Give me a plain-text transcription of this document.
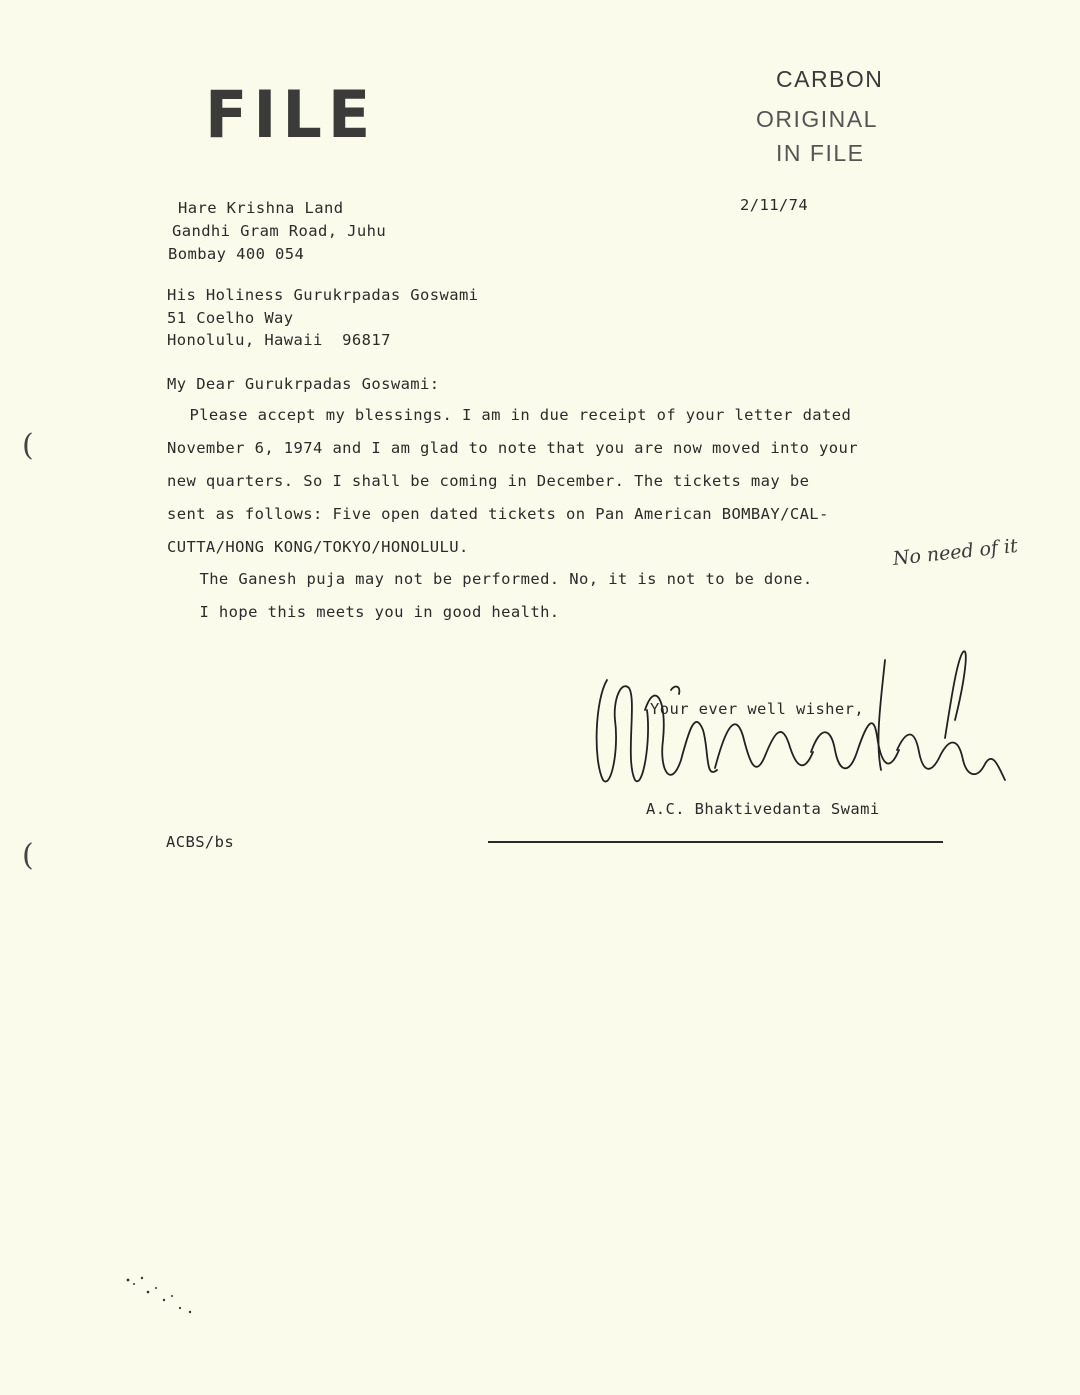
FILE	CARBON
ORIGINAL
IN FILE
2/11/74
Hare Krishna Land
Gandhi Gram Road, Juhu
Bombay 400 054
His Holiness Gurukrpadas Goswami
51 Coelho Way
Honolulu, Hawaii  96817
My Dear Gurukrpadas Goswami:
Please accept my blessings. I am in due receipt of your letter dated
November 6, 1974 and I am glad to note that you are now moved into your
new quarters. So I shall be coming in December. The tickets may be
sent as follows: Five open dated tickets on Pan American BOMBAY/CAL-
CUTTA/HONG KONG/TOKYO/HONOLULU.
The Ganesh puja may not be performed. No, it is not to be done.
I hope this meets you in good health.
No need of it
(
(
Your ever well wisher,
A.C. Bhaktivedanta Swami
ACBS/bs
